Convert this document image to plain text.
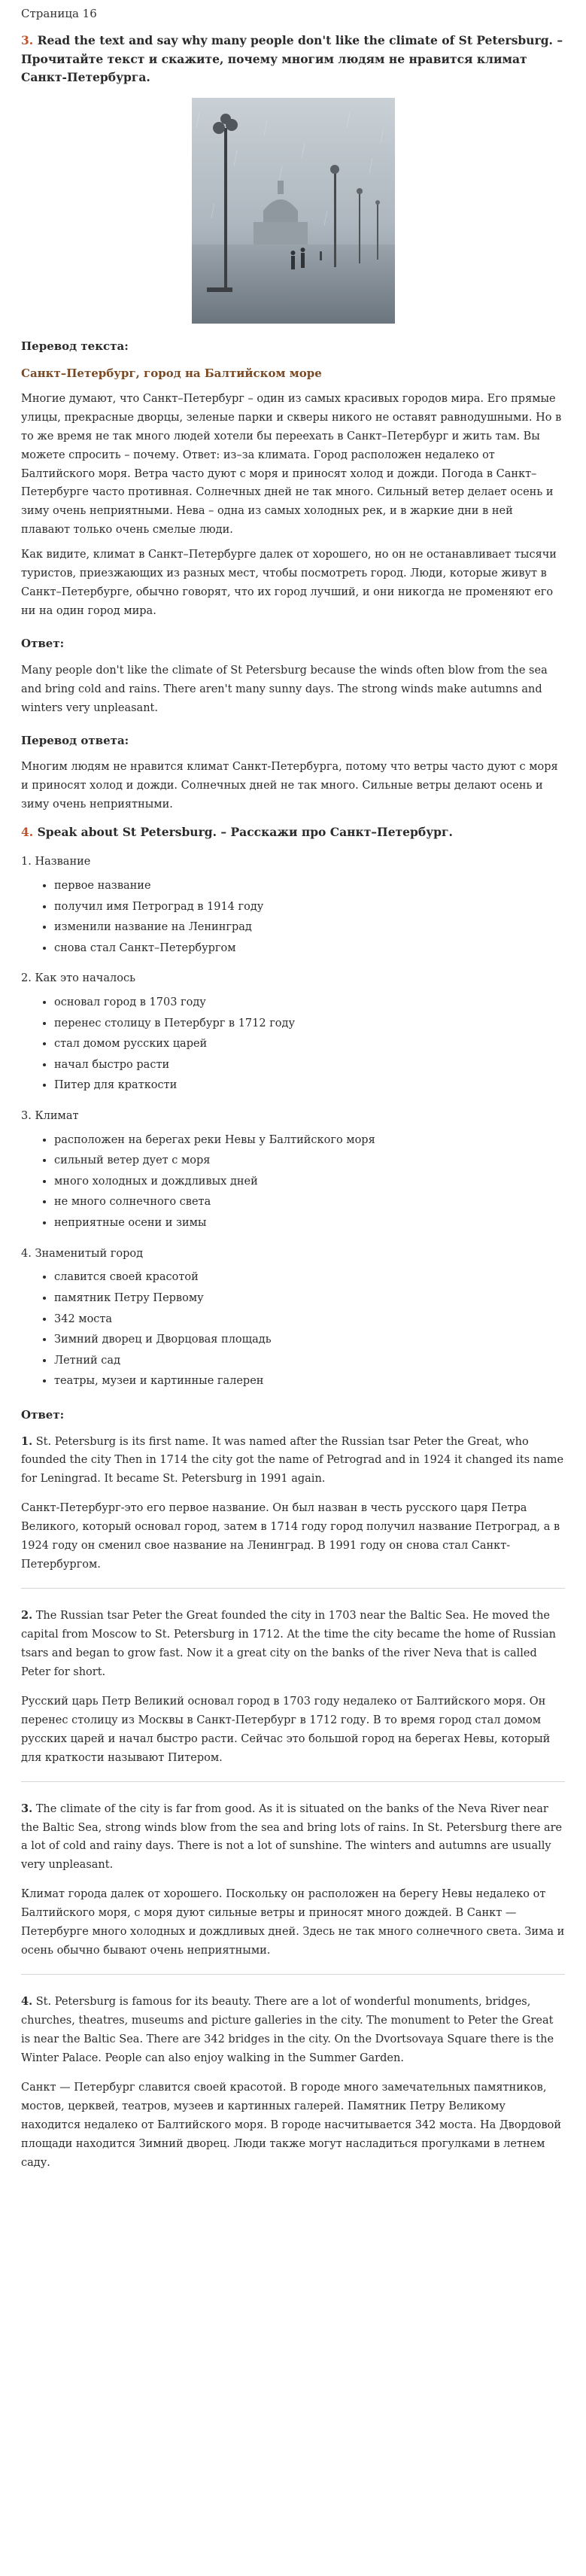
Страница 16
3. Read the text and say why many people don't like the climate of St Petersburg. – Прочитайте текст и скажите, почему многим людям не нравится климат Санкт-Петербурга.
Перевод текста:
Санкт–Петербург, город на Балтийском море

Многие думают, что Санкт–Петербург – один из самых красивых городов мира. Его прямые улицы, прекрасные дворцы, зеленые парки и скверы никого не оставят равнодушными. Но в то же время не так много людей хотели бы переехать в Санкт–Петербург и жить там. Вы можете спросить – почему. Ответ: из–за климата. Город расположен недалеко от Балтийского моря. Ветра часто дуют с моря и приносят холод и дожди. Погода в Санкт–Петербурге часто противная. Солнечных дней не так много. Сильный ветер делает осень и зиму очень неприятными. Нева – одна из самых холодных рек, и в жаркие дни в ней плавают только очень смелые люди.

Как видите, климат в Санкт–Петербурге далек от хорошего, но он не останавливает тысячи туристов, приезжающих из разных мест, чтобы посмотреть город. Люди, которые живут в Санкт–Петербурге, обычно говорят, что их город лучший, и они никогда не променяют его ни на один город мира.

Ответ:

Many people don't like the climate of St Petersburg because the winds often blow from the sea and bring cold and rains. There aren't many sunny days. The strong winds make autumns and winters very unpleasant.

Перевод ответа:

Многим людям не нравится климат Санкт-Петербурга, потому что ветры часто дуют с моря и приносят холод и дожди. Солнечных дней не так много. Сильные ветры делают осень и зиму очень неприятными.

4. Speak about St Petersburg. – Расскажи про Санкт–Петербург.
1. Название
• первое название
• получил имя Петроград в 1914 году
• изменили название на Ленинград
• снова стал Санкт–Петербургом
2. Как это началось
• основал город в 1703 году
• перенес столицу в Петербург в 1712 году
• стал домом русских царей
• начал быстро расти
• Питер для краткости
3. Климат
• расположен на берегах реки Невы у Балтийского моря
• сильный ветер дует с моря
• много холодных и дождливых дней
• не много солнечного света
• неприятные осени и зимы
4. Знаменитый город
• славится своей красотой
• памятник Петру Первому
• 342 моста
• Зимний дворец и Дворцовая площадь
• Летний сад
• театры, музеи и картинные галерен
Ответ:

1. St. Petersburg is its first name. It was named after the Russian tsar Peter the Great, who founded the city Then in 1714 the city got the name of Petrograd and in 1924 it changed its name for Leningrad. It became St. Petersburg in 1991 again.

Санкт-Петербург-это его первое название. Он был назван в честь русского царя Петра Великого, который основал город, затем в 1714 году город получил название Петроград, а в 1924 году он сменил свое название на Ленинград. В 1991 году он снова стал Санкт-Петербургом.

2. The Russian tsar Peter the Great founded the city in 1703 near the Baltic Sea. He moved the capital from Moscow to St. Petersburg in 1712. At the time the city became the home of Russian tsars and began to grow fast. Now it a great city on the banks of the river Neva that is called Peter for short.

Русский царь Петр Великий основал город в 1703 году недалеко от Балтийского моря. Он перенес столицу из Москвы в Санкт-Петербург в 1712 году. В то время город стал домом русских царей и начал быстро расти. Сейчас это большой город на берегах Невы, который для краткости называют Питером.

3. The climate of the city is far from good. As it is situated on the banks of the Neva River near the Baltic Sea, strong winds blow from the sea and bring lots of rains. In St. Petersburg there are a lot of cold and rainy days. There is not a lot of sunshine. The winters and autumns are usually very unpleasant.

Климат города далек от хорошего. Поскольку он расположен на берегу Невы недалеко от Балтийского моря, с моря дуют сильные ветры и приносят много дождей. В Санкт — Петербурге много холодных и дождливых дней. Здесь не так много солнечного света. Зима и осень обычно бывают очень неприятными.

4. St. Petersburg is famous for its beauty. There are a lot of wonderful monuments, bridges, churches, theatres, museums and picture galleries in the city. The monument to Peter the Great is near the Baltic Sea. There are 342 bridges in the city. On the Dvortsovaya Square there is the Winter Palace. People can also enjoy walking in the Summer Garden.

Санкт — Петербург славится своей красотой. В городе много замечательных памятников, мостов, церквей, театров, музеев и картинных галерей. Памятник Петру Великому находится недалеко от Балтийского моря. В городе насчитывается 342 моста. На Двордовой площади находится Зимний дворец. Люди также могут насладиться прогулками в летнем саду.
